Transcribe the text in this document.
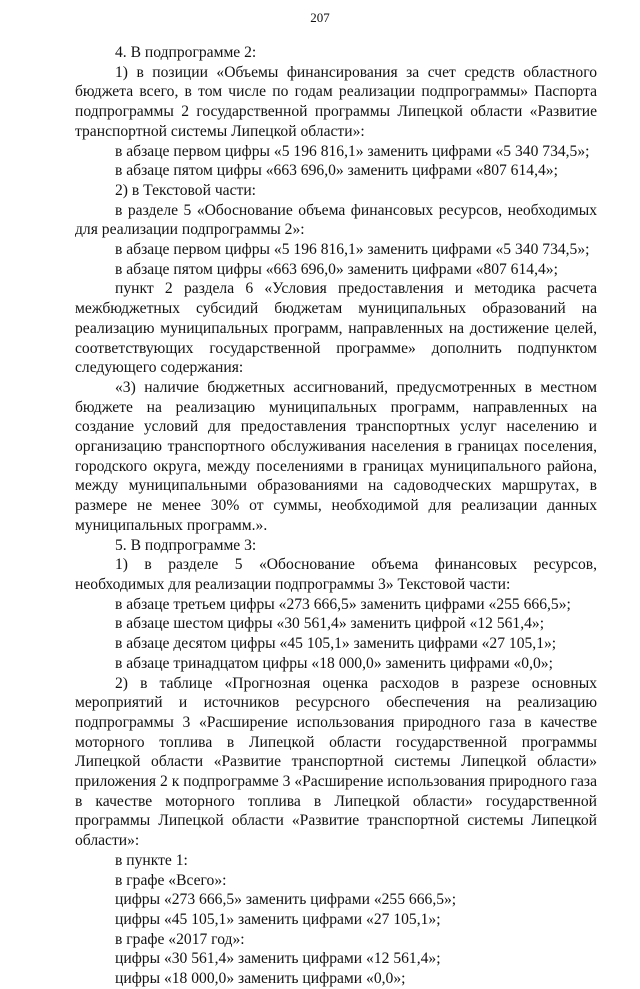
207

4. В подпрограмме 2:

1) в позиции «Объемы финансирования за счет средств областного бюджета всего, в том числе по годам реализации подпрограммы» Паспорта подпрограммы 2 государственной программы Липецкой области «Развитие транспортной системы Липецкой области»:

в абзаце первом цифры «5 196 816,1» заменить цифрами «5 340 734,5»;

в абзаце пятом цифры «663 696,0» заменить цифрами «807 614,4»;

2) в Текстовой части:

в разделе 5 «Обоснование объема финансовых ресурсов, необходимых для реализации подпрограммы 2»:

в абзаце первом цифры «5 196 816,1» заменить цифрами «5 340 734,5»;

в абзаце пятом цифры «663 696,0» заменить цифрами «807 614,4»;

пункт 2 раздела 6 «Условия предоставления и методика расчета межбюджетных субсидий бюджетам муниципальных образований на реализацию муниципальных программ, направленных на достижение целей, соответствующих государственной программе» дополнить подпунктом следующего содержания:

«3) наличие бюджетных ассигнований, предусмотренных в местном бюджете на реализацию муниципальных программ, направленных на создание условий для предоставления транспортных услуг населению и организацию транспортного обслуживания населения в границах поселения, городского округа, между поселениями в границах муниципального района, между муниципальными образованиями на садоводческих маршрутах, в размере не менее 30% от суммы, необходимой для реализации данных муниципальных программ.».

5. В подпрограмме 3:

1) в разделе 5 «Обоснование объема финансовых ресурсов, необходимых для реализации подпрограммы 3» Текстовой части:

в абзаце третьем цифры «273 666,5» заменить цифрами «255 666,5»;

в абзаце шестом цифры «30 561,4» заменить цифрой «12 561,4»;

в абзаце десятом цифры «45 105,1» заменить цифрами «27 105,1»;

в абзаце тринадцатом цифры «18 000,0» заменить цифрами «0,0»;

2) в таблице «Прогнозная оценка расходов в разрезе основных мероприятий и источников ресурсного обеспечения на реализацию подпрограммы 3 «Расширение использования природного газа в качестве моторного топлива в Липецкой области государственной программы Липецкой области «Развитие транспортной системы Липецкой области» приложения 2 к подпрограмме 3 «Расширение использования природного газа в качестве моторного топлива в Липецкой области» государственной программы Липецкой области «Развитие транспортной системы Липецкой области»:

в пункте 1:

в графе «Всего»:

цифры «273 666,5» заменить цифрами «255 666,5»;

цифры «45 105,1» заменить цифрами «27 105,1»;

в графе «2017 год»:

цифры «30 561,4» заменить цифрами «12 561,4»;

цифры «18 000,0» заменить цифрами «0,0»;
